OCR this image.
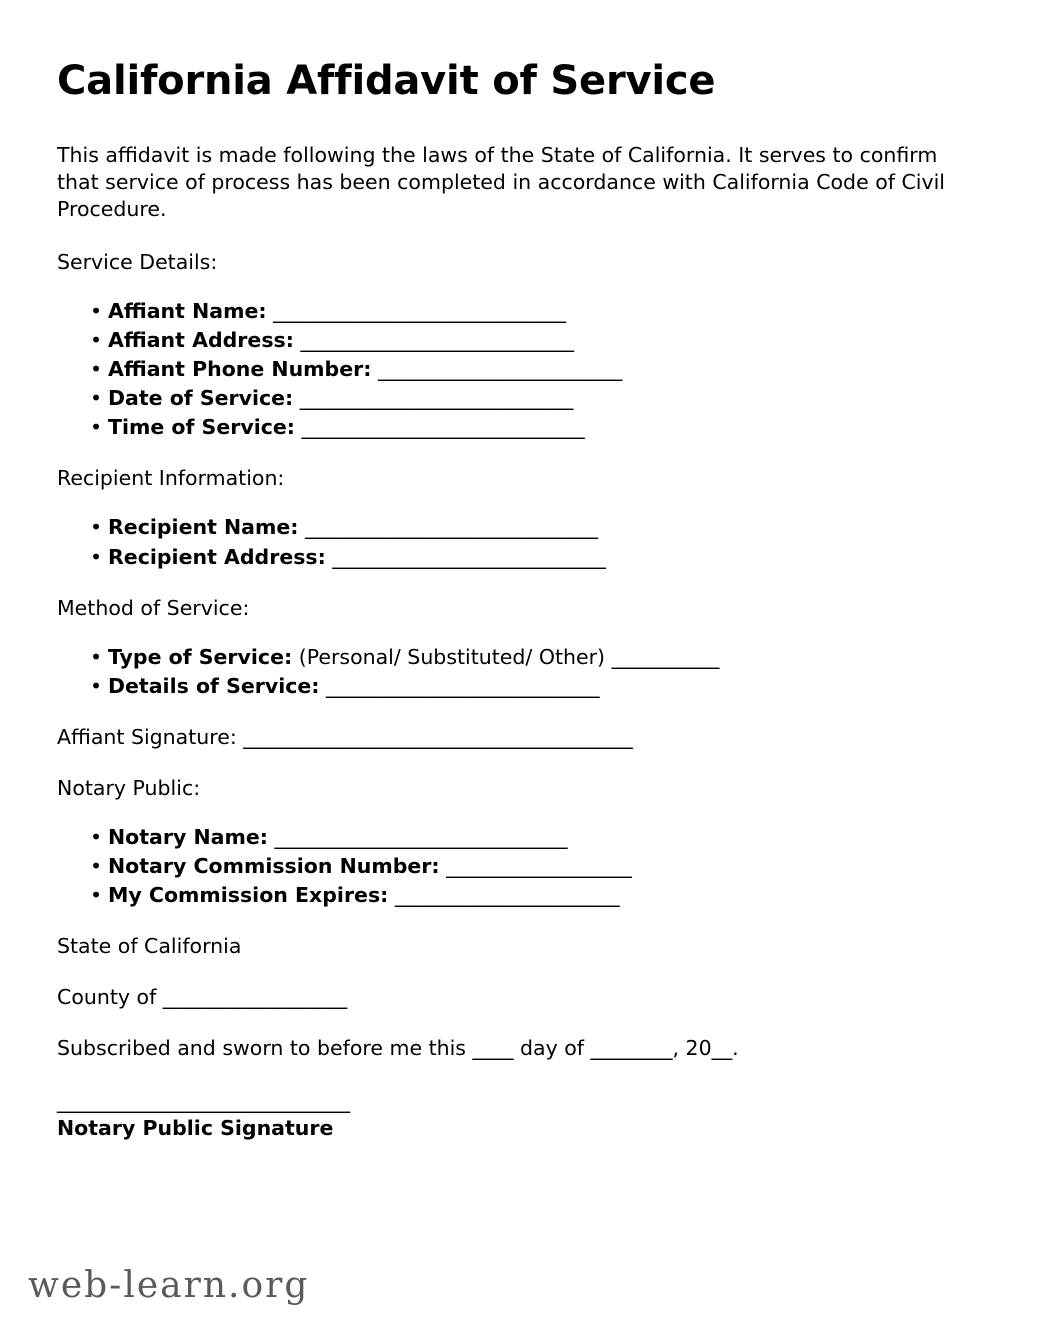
California Affidavit of Service

This affidavit is made following the laws of the State of California. It serves to confirm that service of process has been completed in accordance with California Code of Civil Procedure.

Service Details:

• Affiant Name: ______________________________
• Affiant Address: ____________________________
• Affiant Phone Number: _________________________
• Date of Service: ____________________________
• Time of Service: _____________________________

Recipient Information:

• Recipient Name: ______________________________
• Recipient Address: ____________________________

Method of Service:

• Type of Service: (Personal/ Substituted/ Other) ___________
• Details of Service: ____________________________

Affiant Signature: ______________________________________

Notary Public:

• Notary Name: ______________________________
• Notary Commission Number: ___________________
• My Commission Expires: _______________________

State of California

County of __________________

Subscribed and sworn to before me this ____ day of ________, 20__.

______________________________

Notary Public Signature

web-learn.org
